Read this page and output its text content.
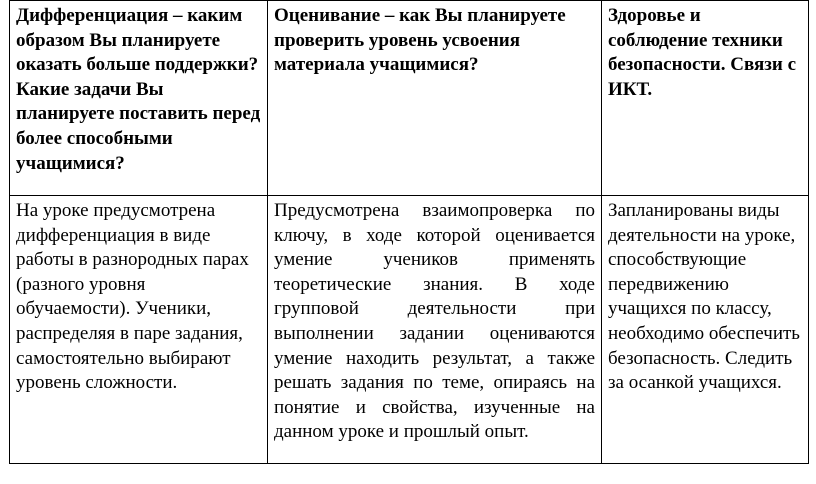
Дифференциация – каким образом Вы планируете оказать больше поддержки? Какие задачи Вы планируете поставить перед более способными учащимися?	Оценивание – как Вы планируете проверить уровень усвоения материала учащимися?	Здоровье и соблюдение техники безопасности. Связи с ИКТ.
На уроке предусмотрена дифференциация в виде работы в разнородных парах (разного уровня обучаемости). Ученики, распределяя в паре задания, самостоятельно выбирают уровень сложности.	Предусмотрена взаимопроверка по ключу, в ходе которой оценивается умение учеников применять теоретические знания. В ходе групповой деятельности при выполнении задании оцениваются умение находить результат, а также решать задания по теме, опираясь на понятие и свойства, изученные на данном уроке и прошлый опыт.	Запланированы виды деятельности на уроке, способствующие передвижению учащихся по классу, необходимо обеспечить безопасность. Следить за осанкой учащихся.
